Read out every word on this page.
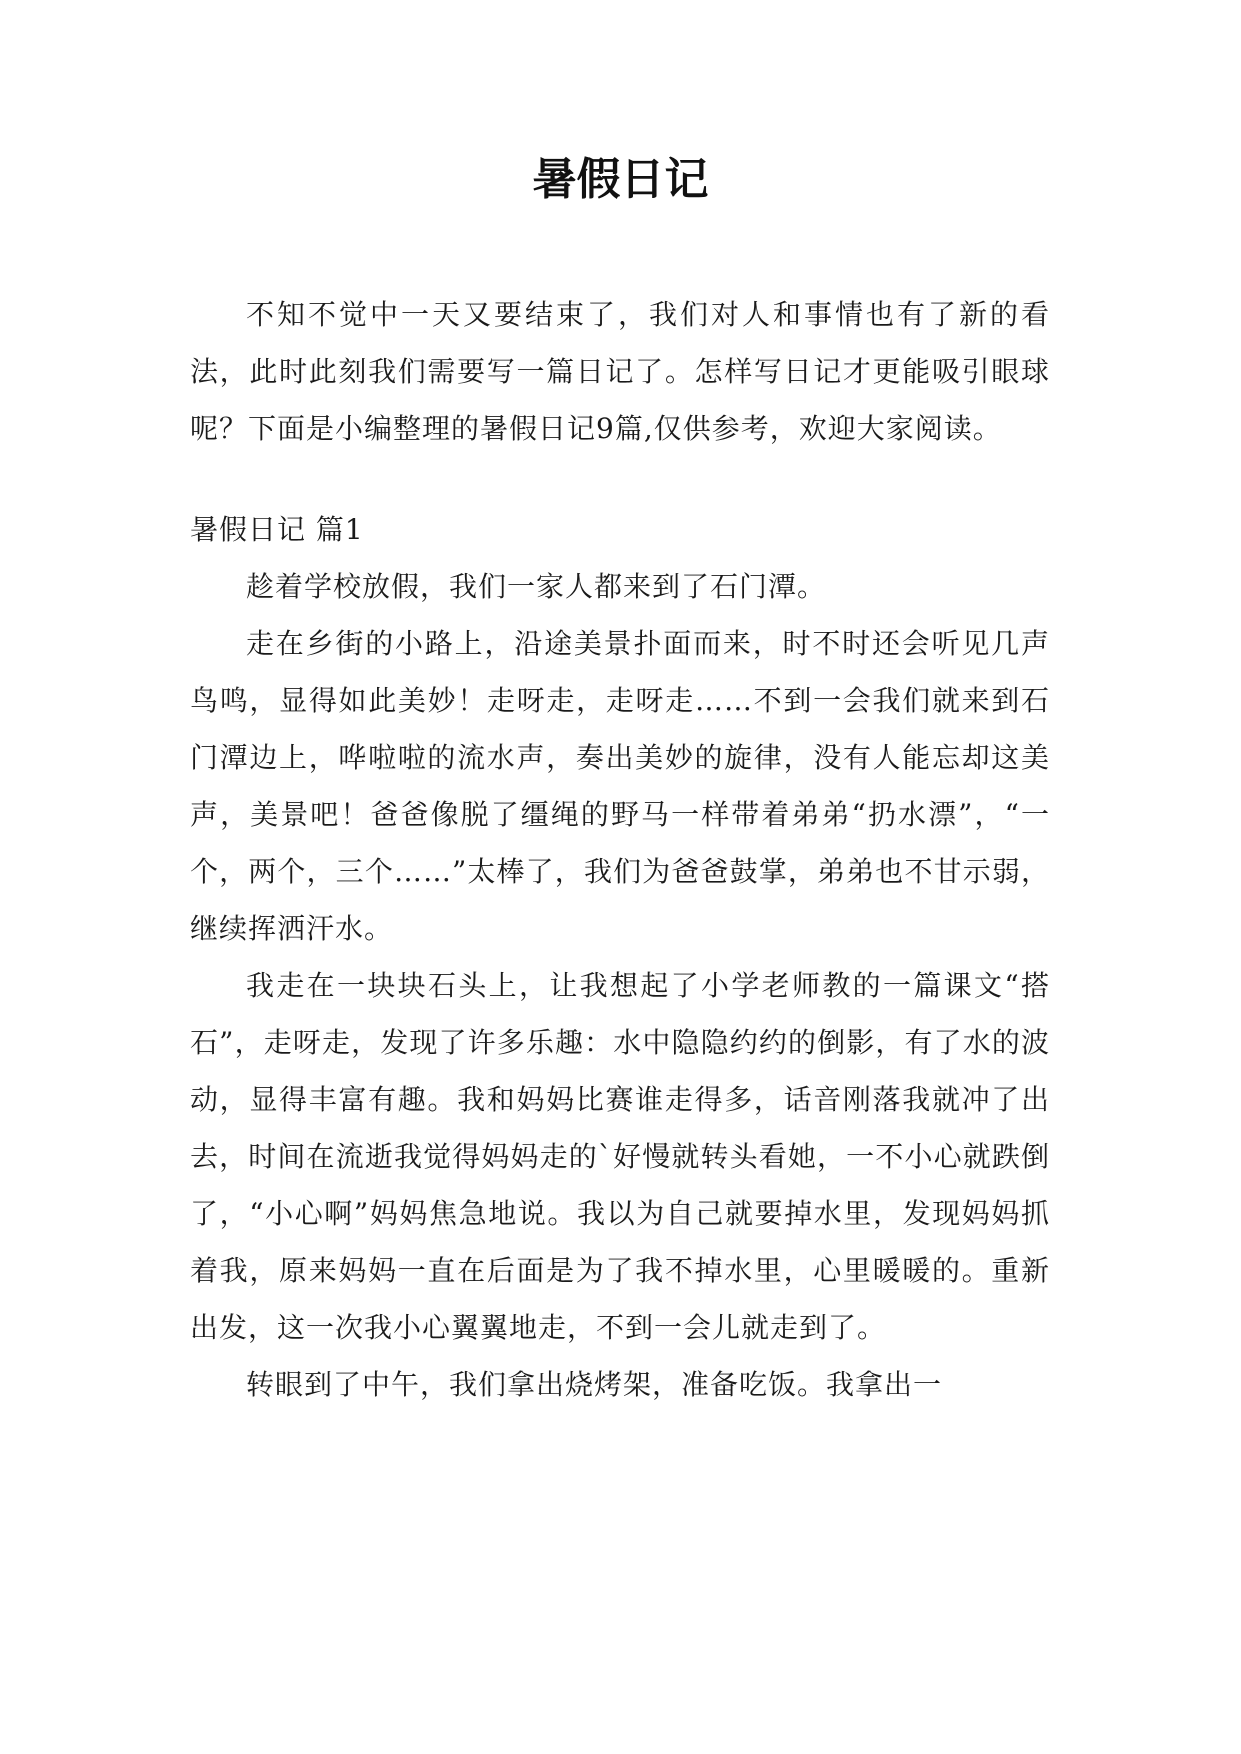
暑假日记

不知不觉中一天又要结束了，我们对人和事情也有了新的看法，此时此刻我们需要写一篇日记了。怎样写日记才更能吸引眼球呢？下面是小编整理的暑假日记9篇,仅供参考，欢迎大家阅读。

暑假日记 篇1

趁着学校放假，我们一家人都来到了石门潭。

走在乡街的小路上，沿途美景扑面而来，时不时还会听见几声鸟鸣，显得如此美妙！走呀走，走呀走……不到一会我们就来到石门潭边上，哗啦啦的流水声，奏出美妙的旋律，没有人能忘却这美声，美景吧！爸爸像脱了缰绳的野马一样带着弟弟“扔水漂”，“一个，两个，三个……”太棒了，我们为爸爸鼓掌，弟弟也不甘示弱，继续挥洒汗水。

我走在一块块石头上，让我想起了小学老师教的一篇课文“搭石”，走呀走，发现了许多乐趣：水中隐隐约约的倒影，有了水的波动，显得丰富有趣。我和妈妈比赛谁走得多，话音刚落我就冲了出去，时间在流逝我觉得妈妈走的`好慢就转头看她，一不小心就跌倒了，“小心啊”妈妈焦急地说。我以为自己就要掉水里，发现妈妈抓着我，原来妈妈一直在后面是为了我不掉水里，心里暖暖的。重新出发，这一次我小心翼翼地走，不到一会儿就走到了。

转眼到了中午，我们拿出烧烤架，准备吃饭。我拿出一
